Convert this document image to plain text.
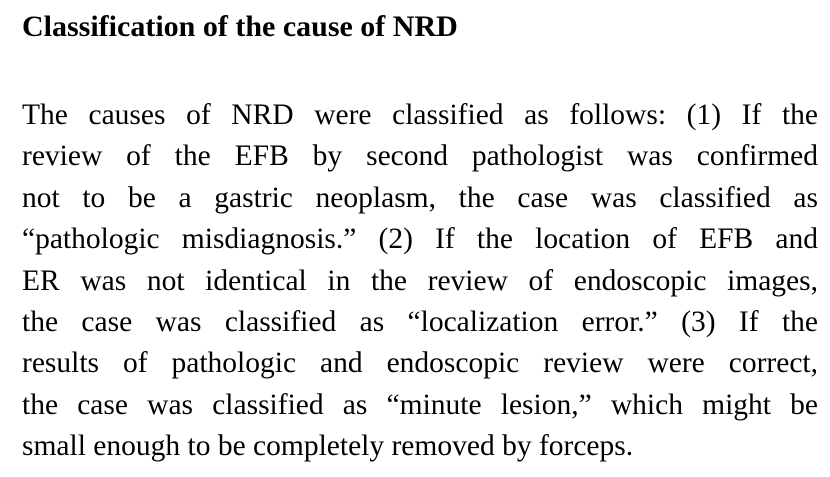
Classification of the cause of NRD

The causes of NRD were classified as follows: (1) If the
review of the EFB by second pathologist was confirmed
not to be a gastric neoplasm, the case was classified as
“pathologic misdiagnosis.” (2) If the location of EFB and
ER was not identical in the review of endoscopic images,
the case was classified as “localization error.” (3) If the
results of pathologic and endoscopic review were correct,
the case was classified as “minute lesion,” which might be
small enough to be completely removed by forceps.
